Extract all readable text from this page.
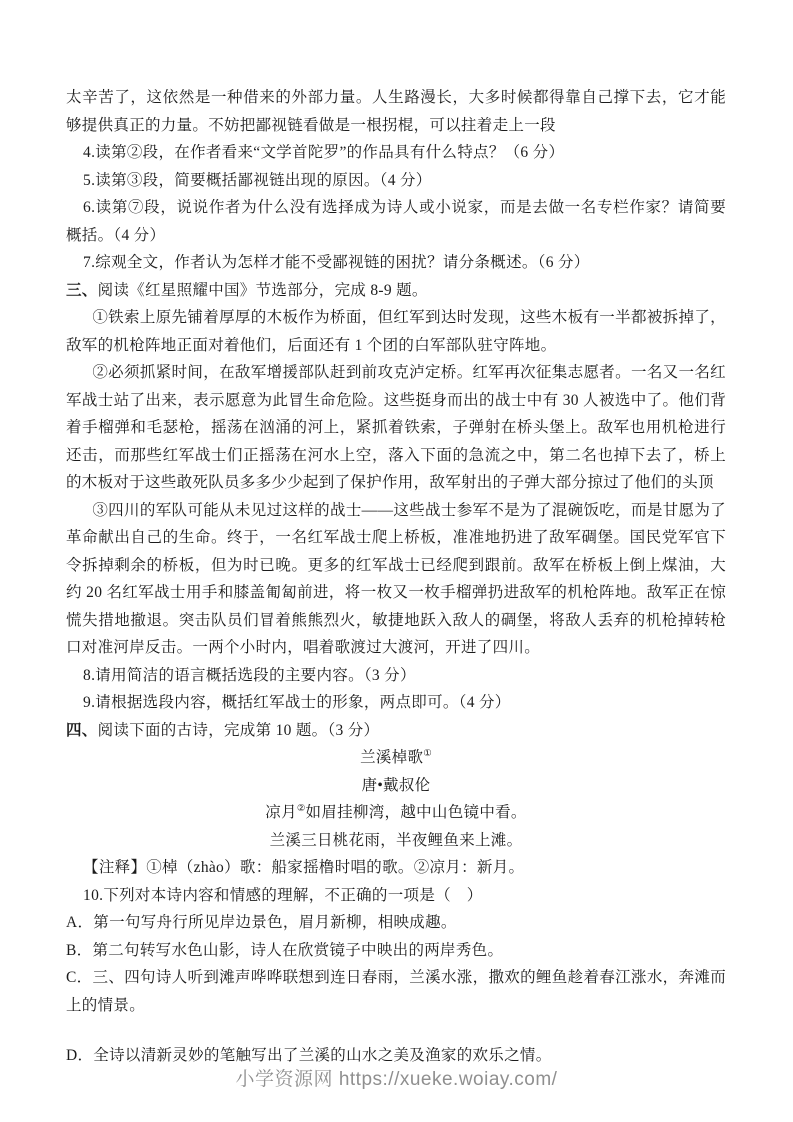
太辛苦了，这依然是一种借来的外部力量。人生路漫长，大多时候都得靠自己撑下去，它才能够提供真正的力量。不妨把鄙视链看做是一根拐棍，可以拄着走上一段

4.读第②段，在作者看来“文学首陀罗”的作品具有什么特点？（6 分）

5.读第③段，简要概括鄙视链出现的原因。（4 分）

6.读第⑦段，说说作者为什么没有选择成为诗人或小说家，而是去做一名专栏作家？请简要概括。（4 分）

7.综观全文，作者认为怎样才能不受鄙视链的困扰？请分条概述。（6 分）

三、阅读《红星照耀中国》节选部分，完成 8-9 题。

①铁索上原先铺着厚厚的木板作为桥面，但红军到达时发现，这些木板有一半都被拆掉了，敌军的机枪阵地正面对着他们，后面还有 1 个团的白军部队驻守阵地。

②必须抓紧时间，在敌军增援部队赶到前攻克泸定桥。红军再次征集志愿者。一名又一名红军战士站了出来，表示愿意为此冒生命危险。这些挺身而出的战士中有 30 人被选中了。他们背着手榴弹和毛瑟枪，摇荡在汹涌的河上，紧抓着铁索，子弹射在桥头堡上。敌军也用机枪进行还击，而那些红军战士们正摇荡在河水上空，落入下面的急流之中，第二名也掉下去了，桥上的木板对于这些敢死队员多多少少起到了保护作用，敌军射出的子弹大部分掠过了他们的头顶

③四川的军队可能从未见过这样的战士——这些战士参军不是为了混碗饭吃，而是甘愿为了革命献出自己的生命。终于，一名红军战士爬上桥板，准准地扔进了敌军碉堡。国民党军官下令拆掉剩余的桥板，但为时已晚。更多的红军战士已经爬到跟前。敌军在桥板上倒上煤油，大约 20 名红军战士用手和膝盖匍匐前进，将一枚又一枚手榴弹扔进敌军的机枪阵地。敌军正在惊慌失措地撤退。突击队员们冒着熊熊烈火，敏捷地跃入敌人的碉堡，将敌人丢弃的机枪掉转枪口对准河岸反击。一两个小时内，唱着歌渡过大渡河，开进了四川。

8.请用简洁的语言概括选段的主要内容。（3 分）

9.请根据选段内容，概括红军战士的形象，两点即可。（4 分）

四、阅读下面的古诗，完成第 10 题。（3 分）

兰溪棹歌①

唐•戴叔伦

凉月②如眉挂柳湾，越中山色镜中看。

兰溪三日桃花雨，半夜鲤鱼来上滩。

【注释】①棹（zhào）歌：船家摇橹时唱的歌。②凉月：新月。

10.下列对本诗内容和情感的理解，不正确的一项是（　）

A．第一句写舟行所见岸边景色，眉月新柳，相映成趣。

B．第二句转写水色山影，诗人在欣赏镜子中映出的两岸秀色。

C．三、四句诗人听到滩声哗哗联想到连日春雨，兰溪水涨，撒欢的鲤鱼趁着春江涨水，奔滩而上的情景。

D．全诗以清新灵妙的笔触写出了兰溪的山水之美及渔家的欢乐之情。

小学资源网 https://xueke.woiay.com/
